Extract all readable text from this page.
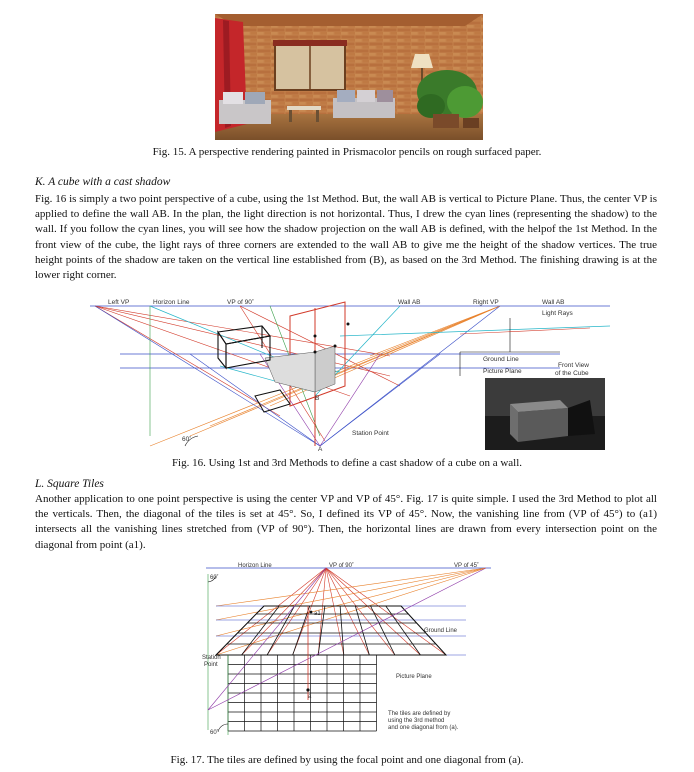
Fig. 15. A perspective rendering painted in Prismacolor pencils on rough surfaced paper.
K. A cube with a cast shadow
Fig. 16 is simply a two point perspective of a cube, using the 1st Method. But, the wall AB is vertical to Picture Plane. Thus, the center VP is applied to define the wall AB. In the plan, the light direction is not horizontal. Thus, I drew the cyan lines (representing the shadow) to the wall. If you follow the cyan lines, you will see how the shadow projection on the wall AB is defined, with the helpof the 1st Method. In the front view of the cube, the light rays of three corners are extended to the wall AB to give me the height of the shadow vertices. The true height points of the shadow are taken on the vertical line established from (B), as based on the 3rd Method. The finishing drawing is at the lower right corner.
Left VP	Horizon Line	VP of 90˚	Wall AB	Right VP	Wall AB
Light Rays
Ground Line
Picture Plane
Front View
of the Cube
Station Point
A
B
60˚
Fig. 16. Using 1st and 3rd Methods to define a cast shadow of a cube on a wall.
L. Square Tiles
Another application to one point perspective is using the center VP and VP of 45°. Fig. 17 is quite simple. I used the 3rd Method to plot all the verticals. Then, the diagonal of the tiles is set at 45°. So, I defined its VP of 45°. Now, the vanishing line from (VP of 45°) to (a1) intersects all the vanishing lines stretched from (VP of 90°). Then, the horizontal lines are drawn from every intersection point on the diagonal from point (a1).
Horizon Line	VP of 90˚	VP of 45˚
60˚
a1
Ground Line
Station
Point
Picture Plane
a
The tiles are defined by
using the 3rd method
and one diagonal from (a).
60˚
Fig. 17. The tiles are defined by using the focal point and one diagonal from (a).
